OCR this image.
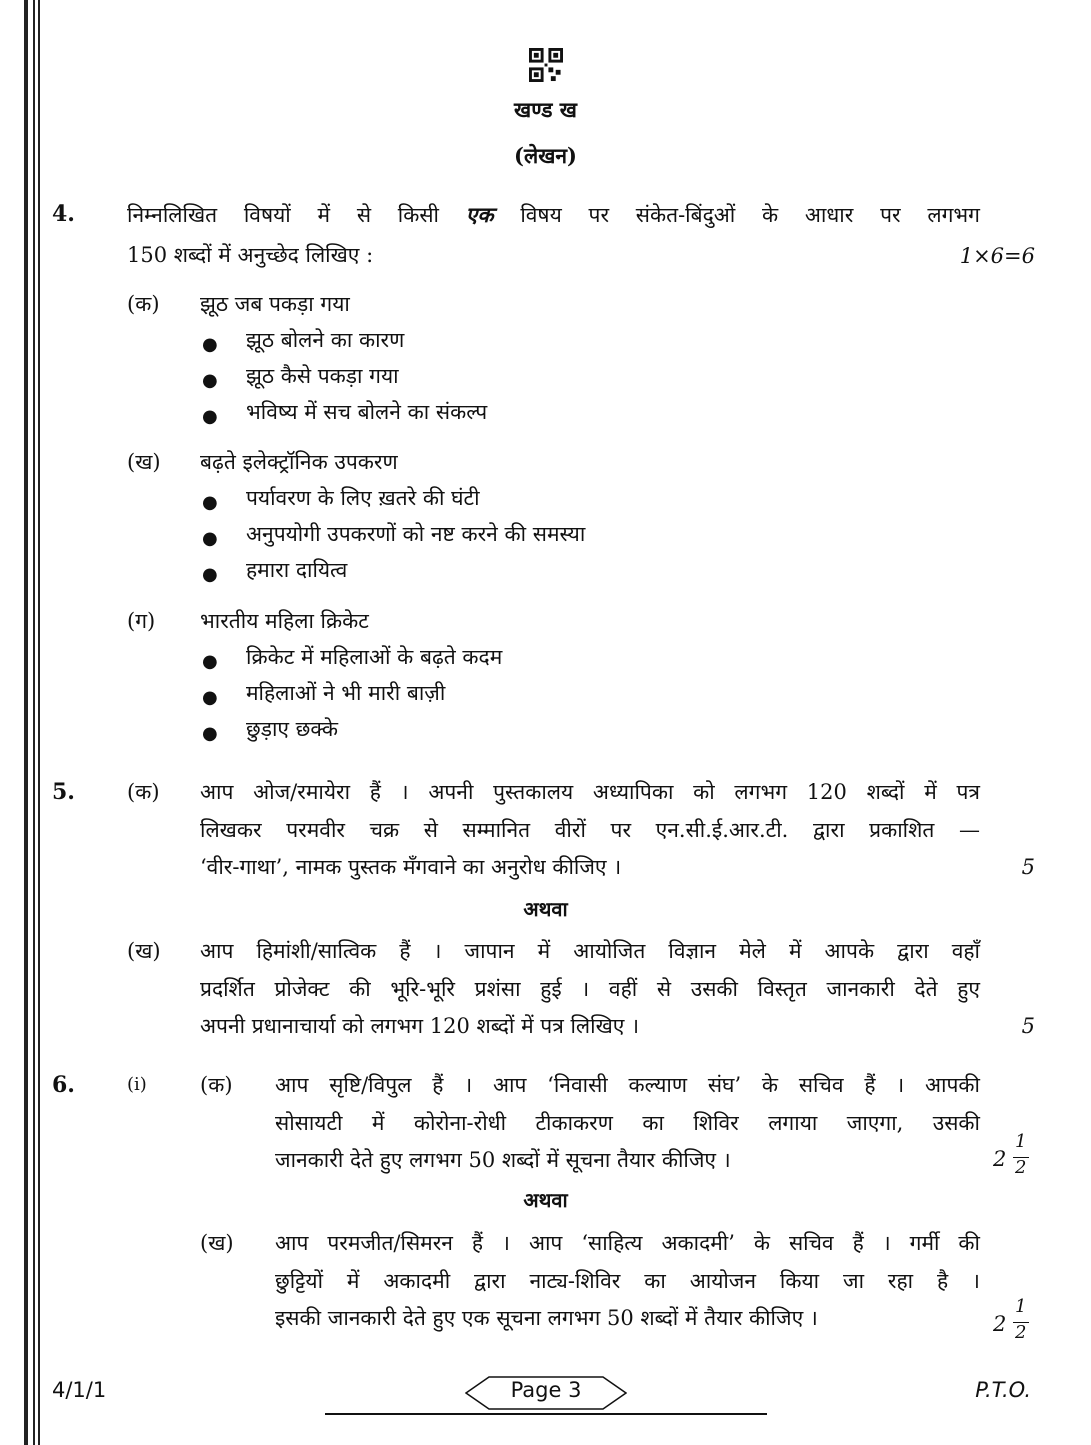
खण्ड ख
(लेखन)
4. निम्नलिखित विषयों में से किसी एक विषय पर संकेत-बिंदुओं के आधार पर लगभग
150 शब्दों में अनुच्छेद लिखिए :	1×6=6
(क) झूठ जब पकड़ा गया
● झूठ बोलने का कारण
● झूठ कैसे पकड़ा गया
● भविष्य में सच बोलने का संकल्प
(ख) बढ़ते इलेक्ट्रॉनिक उपकरण
● पर्यावरण के लिए ख़तरे की घंटी
● अनुपयोगी उपकरणों को नष्ट करने की समस्या
● हमारा दायित्व
(ग) भारतीय महिला क्रिकेट
● क्रिकेट में महिलाओं के बढ़ते कदम
● महिलाओं ने भी मारी बाज़ी
● छुड़ाए छक्के
5. (क) आप ओज/रमायेरा हैं । अपनी पुस्तकालय अध्यापिका को लगभग 120 शब्दों में पत्र
लिखकर परमवीर चक्र से सम्मानित वीरों पर एन.सी.ई.आर.टी. द्वारा प्रकाशित —
‘वीर-गाथा’, नामक पुस्तक मँगवाने का अनुरोध कीजिए ।	5
अथवा
(ख) आप हिमांशी/सात्विक हैं । जापान में आयोजित विज्ञान मेले में आपके द्वारा वहाँ
प्रदर्शित प्रोजेक्ट की भूरि-भूरि प्रशंसा हुई । वहीं से उसकी विस्तृत जानकारी देते हुए
अपनी प्रधानाचार्या को लगभग 120 शब्दों में पत्र लिखिए ।	5
6.	(i)	(क) आप सृष्टि/विपुल हैं । आप ‘निवासी कल्याण संघ’ के सचिव हैं । आपकी
सोसायटी में कोरोना-रोधी टीकाकरण का शिविर लगाया जाएगा, उसकी
जानकारी देते हुए लगभग 50 शब्दों में सूचना तैयार कीजिए ।	2
1
2
अथवा
(ख) आप परमजीत/सिमरन हैं । आप ‘साहित्य अकादमी’ के सचिव हैं । गर्मी की
छुट्टियों में अकादमी द्वारा नाट्य-शिविर का आयोजन किया जा रहा है ।
इसकी जानकारी देते हुए एक सूचना लगभग 50 शब्दों में तैयार कीजिए ।	2
1
2
4/1/1	Page 3	P.T.O.
